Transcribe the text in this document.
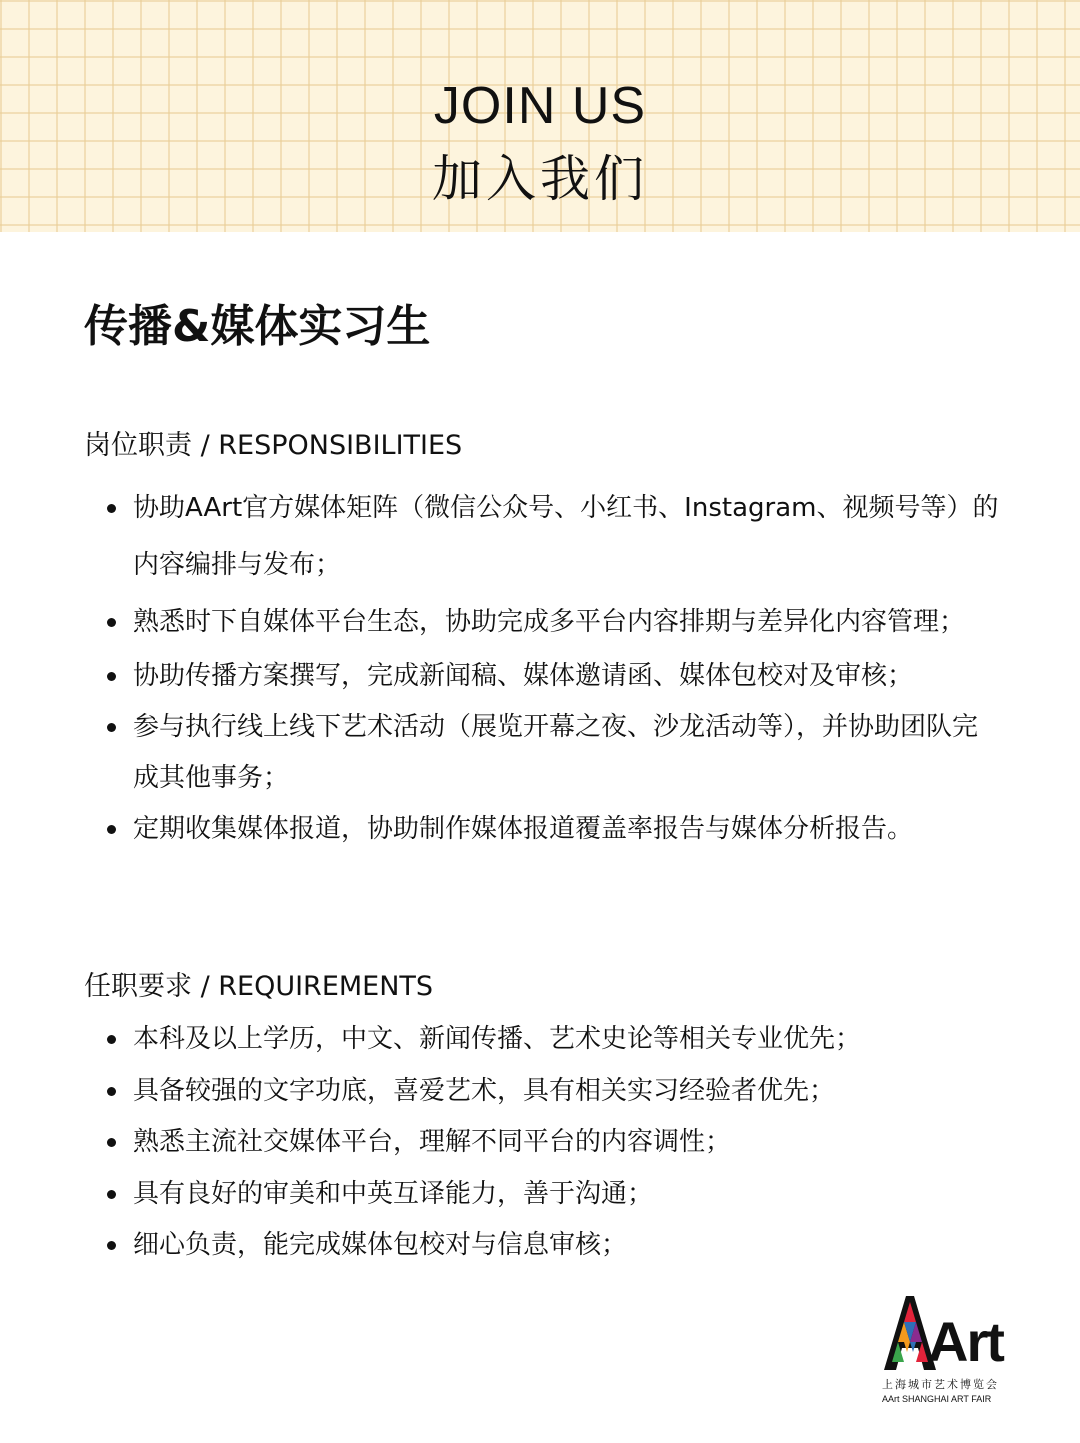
JOIN US
加入我们
传播&媒体实习生
岗位职责 / RESPONSIBILITIES
协助AArt官方媒体矩阵（微信公众号、小红书、Instagram、视频号等）的内容编排与发布；
熟悉时下自媒体平台生态，协助完成多平台内容排期与差异化内容管理；
协助传播方案撰写，完成新闻稿、媒体邀请函、媒体包校对及审核；
参与执行线上线下艺术活动（展览开幕之夜、沙龙活动等），并协助团队完成其他事务；
定期收集媒体报道，协助制作媒体报道覆盖率报告与媒体分析报告。
任职要求 / REQUIREMENTS
本科及以上学历，中文、新闻传播、艺术史论等相关专业优先；
具备较强的文字功底，喜爱艺术，具有相关实习经验者优先；
熟悉主流社交媒体平台，理解不同平台的内容调性；
具有良好的审美和中英互译能力，善于沟通；
细心负责，能完成媒体包校对与信息审核；
Art
上海城市艺术博览会
AArt SHANGHAI ART FAIR
